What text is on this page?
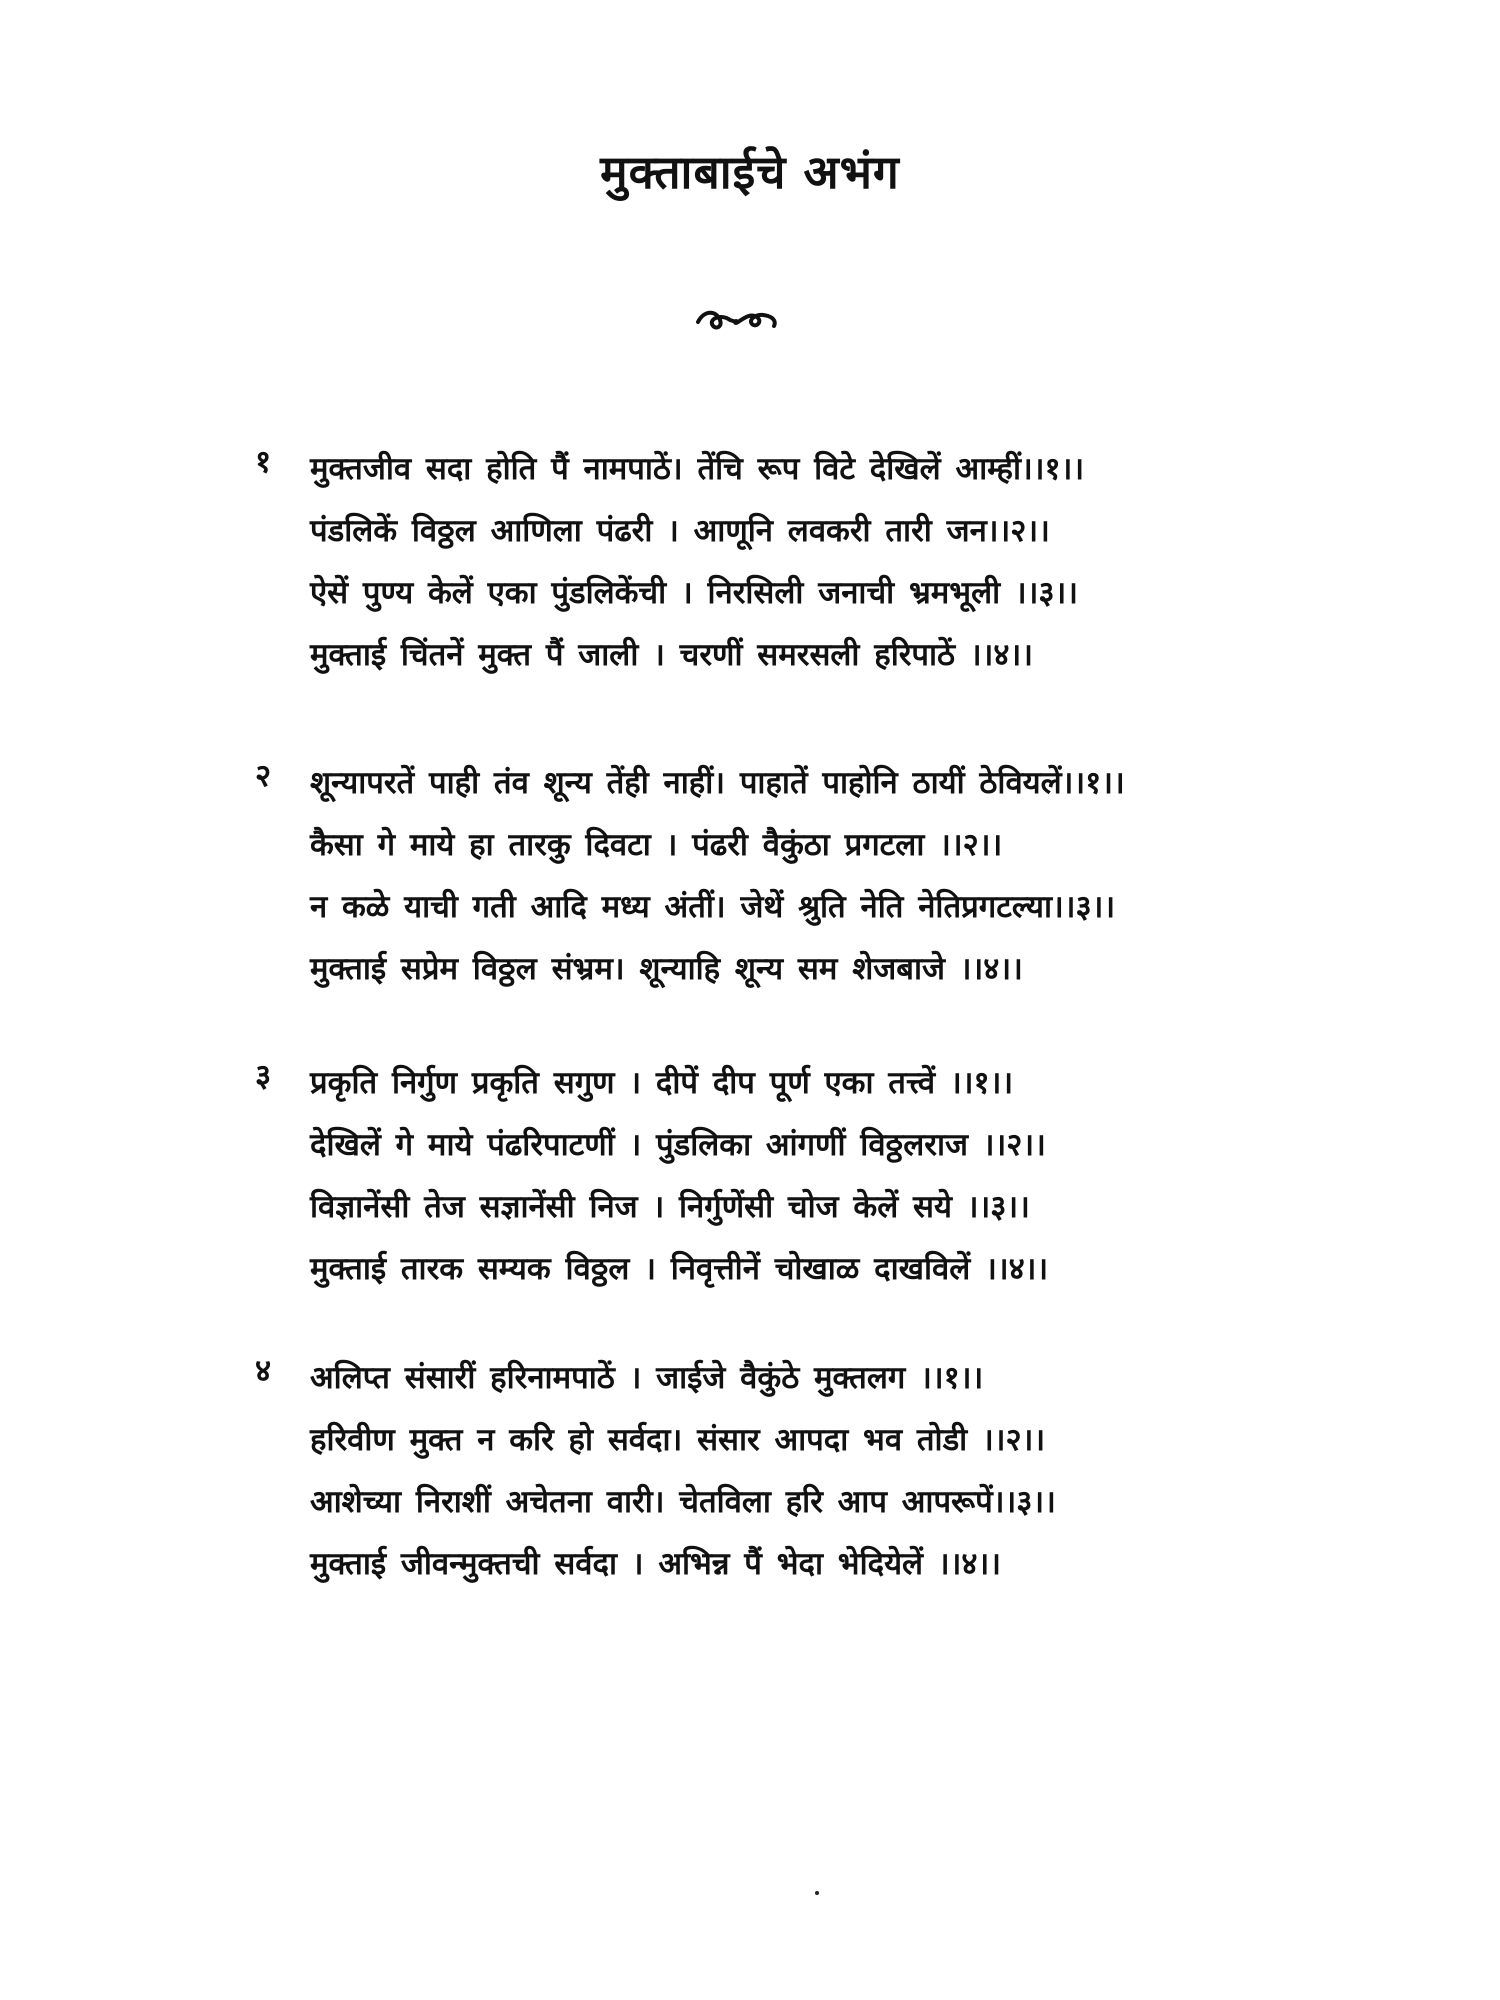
मुक्ताबाईचे अभंग
१ मुक्तजीव सदा होति पैं नामपाठें। तेंचि रूप विटे देखिलें आम्हीं।।१।।
पंडलिकें विठ्ठल आणिला पंढरी । आणूनि लवकरी तारी जन।।२।।
ऐसें पुण्य केलें एका पुंडलिकेंची । निरसिली जनाची भ्रमभूली ।।३।।
मुक्ताई चिंतनें मुक्त पैं जाली । चरणीं समरसली हरिपाठें ।।४।।
२ शून्यापरतें पाही तंव शून्य तेंही नाहीं। पाहातें पाहोनि ठायीं ठेवियलें।।१।।
कैसा गे माये हा तारकु दिवटा । पंढरी वैकुंठा प्रगटला ।।२।।
न कळे याची गती आदि मध्य अंतीं। जेथें श्रुति नेति नेतिप्रगटल्या।।३।।
मुक्ताई सप्रेम विठ्ठल संभ्रम। शून्याहि शून्य सम शेजबाजे ।।४।।
३ प्रकृति निर्गुण प्रकृति सगुण । दीपें दीप पूर्ण एका तत्त्वें ।।१।।
देखिलें गे माये पंढरिपाटणीं । पुंडलिका आंगणीं विठ्ठलराज ।।२।।
विज्ञानेंसी तेज सज्ञानेंसी निज । निर्गुणेंसी चोज केलें सये ।।३।।
मुक्ताई तारक सम्यक विठ्ठल । निवृत्तीनें चोखाळ दाखविलें ।।४।।
४ अलिप्त संसारीं हरिनामपाठें । जाईजे वैकुंठे मुक्तलग ।।१।।
हरिवीण मुक्त न करि हो सर्वदा। संसार आपदा भव तोडी ।।२।।
आशेच्या निराशीं अचेतना वारी। चेतविला हरि आप आपरूपें।।३।।
मुक्ताई जीवन्मुक्तची सर्वदा । अभिन्न पैं भेदा भेदियेलें ।।४।।
